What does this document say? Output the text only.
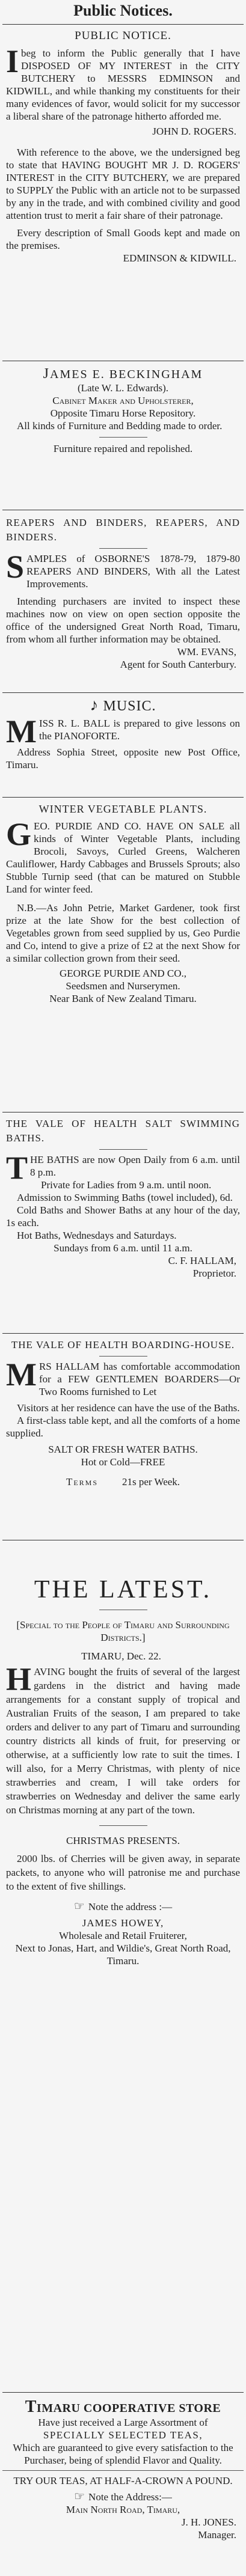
Public Notices.

PUBLIC NOTICE.

Ibeg to inform the Public generally that I have DISPOSED OF MY INTEREST in the CITY BUTCHERY to MESSRS EDMINSON and KIDWILL, and while thanking my constituents for their many evidences of favor, would solicit for my successor a liberal share of the patronage hitherto afforded me.

JOHN D. ROGERS.

With reference to the above, we the undersigned beg to state that HAVING BOUGHT MR J. D. ROGERS' INTEREST in the CITY BUTCHERY, we are prepared to SUPPLY the Public with an article not to be surpassed by any in the trade, and with combined civility and good attention trust to merit a fair share of their patronage.

Every description of Small Goods kept and made on the premises.

EDMINSON & KIDWILL.

JAMES E. BECKINGHAM

(Late W. L. Edwards).

Cabinet Maker and Upholsterer,

Opposite Timaru Horse Repository.

All kinds of Furniture and Bedding made to order.

Furniture repaired and repolished.

REAPERS AND BINDERS, REAPERS, AND BINDERS.

SAMPLES of OSBORNE'S 1878-79, 1879-80 REAPERS AND BINDERS, With all the Latest Improvements.

Intending purchasers are invited to inspect these machines now on view on open section opposite the office of the undersigned Great North Road, Timaru, from whom all further information may be obtained.

WM. EVANS,

Agent for South Canterbury.

♪ MUSIC.

MISS R. L. BALL is prepared to give lessons on the PIANOFORTE.

Address Sophia Street, opposite new Post Office, Timaru.

WINTER VEGETABLE PLANTS.

GEO. PURDIE AND CO. HAVE ON SALE all kinds of Winter Vegetable Plants, including Brocoli, Savoys, Curled Greens, Walcheren Cauliflower, Hardy Cabbages and Brussels Sprouts; also Stubble Turnip seed (that can be matured on Stubble Land for winter feed.

N.B.—As John Petrie, Market Gardener, took first prize at the late Show for the best collection of Vegetables grown from seed supplied by us, Geo Purdie and Co, intend to give a prize of £2 at the next Show for a similar collection grown from their seed.

GEORGE PURDIE AND CO.,

Seedsmen and Nurserymen.

Near Bank of New Zealand Timaru.

THE VALE OF HEALTH SALT SWIMMING BATHS.

THE BATHS are now Open Daily from 6 a.m. until 8 p.m.

Private for Ladies from 9 a.m. until noon.

Admission to Swimming Baths (towel included), 6d.

Cold Baths and Shower Baths at any hour of the day, 1s each.

Hot Baths, Wednesdays and Saturdays.

Sundays from 6 a.m. until 11 a.m.

C. F. HALLAM,

Proprietor.

THE VALE OF HEALTH BOARDING-HOUSE.

MRS HALLAM has comfortable accommodation for a FEW GENTLEMEN BOARDERS—Or Two Rooms furnished to Let

Visitors at her residence can have the use of the Baths.

A first-class table kept, and all the comforts of a home supplied.

SALT OR FRESH WATER BATHS.

Hot or Cold—FREE

Terms 21s per Week.

THE LATEST.

[Special to the People of Timaru and Surrounding Districts.]

TIMARU, Dec. 22.

HAVING bought the fruits of several of the largest gardens in the district and having made arrangements for a constant supply of tropical and Australian Fruits of the season, I am prepared to take orders and deliver to any part of Timaru and surrounding country districts all kinds of fruit, for preserving or otherwise, at a sufficiently low rate to suit the times. I will also, for a Merry Christmas, with plenty of nice strawberries and cream, I will take orders for strawberries on Wednesday and deliver the same early on Christmas morning at any part of the town.

CHRISTMAS PRESENTS.

2000 lbs. of Cherries will be given away, in separate packets, to anyone who will patronise me and purchase to the extent of five shillings.

☞ Note the address :—

JAMES HOWEY,

Wholesale and Retail Fruiterer,

Next to Jonas, Hart, and Wildie's, Great North Road, Timaru.

TIMARU COOPERATIVE STORE

Have just received a Large Assortment of

SPECIALLY SELECTED TEAS,

Which are guaranteed to give every satisfaction to the Purchaser, being of splendid Flavor and Quality.

TRY OUR TEAS, AT HALF-A-CROWN A POUND.

☞ Note the Address:—

Main North Road, Timaru,

J. H. JONES.

Manager.
